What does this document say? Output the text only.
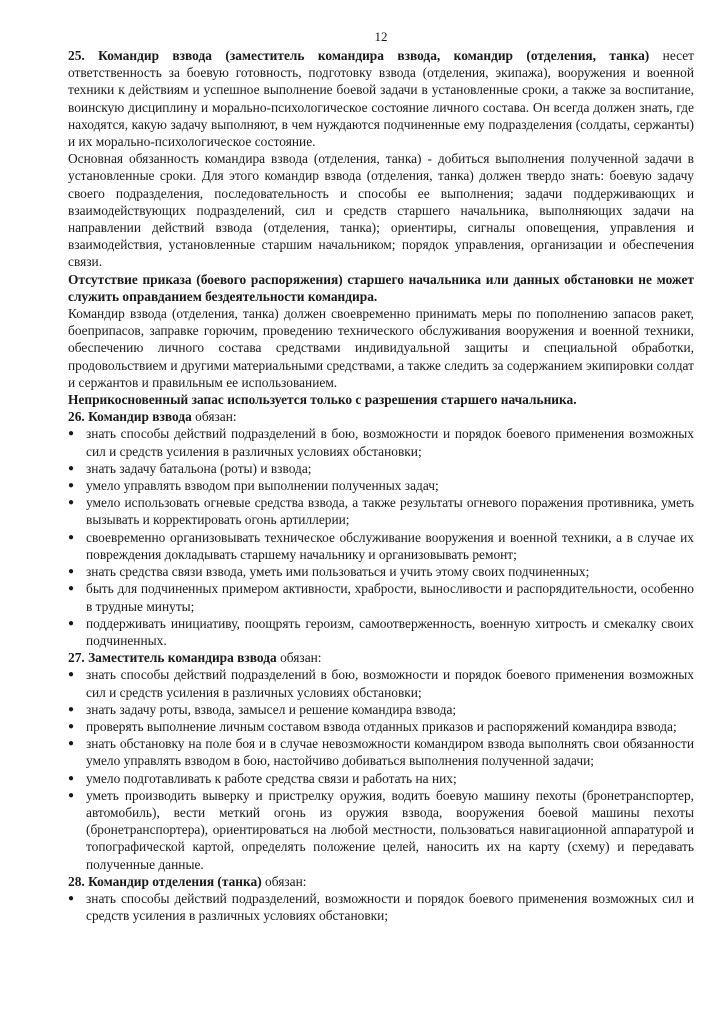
12

25. Командир взвода (заместитель командира взвода, командир (отделения, танка) несет ответственность за боевую готовность, подготовку взвода (отделения, экипажа), вооружения и военной техники к действиям и успешное выполнение боевой задачи в установленные сроки, а также за воспитание, воинскую дисциплину и морально-психологическое состояние личного состава. Он всегда должен знать, где находятся, какую задачу выполняют, в чем нуждаются подчиненные ему подразделения (солдаты, сержанты) и их морально-психологическое состояние.

Основная обязанность командира взвода (отделения, танка) - добиться выполнения полученной задачи в установленные сроки. Для этого командир взвода (отделения, танка) должен твердо знать: боевую задачу своего подразделения, последовательность и способы ее выполнения; задачи поддерживающих и взаимодействующих подразделений, сил и средств старшего начальника, выполняющих задачи на направлении действий взвода (отделения, танка); ориентиры, сигналы оповещения, управления и взаимодействия, установленные старшим начальником; порядок управления, организации и обеспечения связи.

Отсутствие приказа (боевого распоряжения) старшего начальника или данных обстановки не может служить оправданием бездеятельности командира.

Командир взвода (отделения, танка) должен своевременно принимать меры по пополнению запасов ракет, боеприпасов, заправке горючим, проведению технического обслуживания вооружения и военной техники, обеспечению личного состава средствами индивидуальной защиты и специальной обработки, продовольствием и другими материальными средствами, а также следить за содержанием экипировки солдат и сержантов и правильным ее использованием.

Неприкосновенный запас используется только с разрешения старшего начальника.

26. Командир взвода обязан:

● знать способы действий подразделений в бою, возможности и порядок боевого применения возможных сил и средств усиления в различных условиях обстановки;
● знать задачу батальона (роты) и взвода;
● умело управлять взводом при выполнении полученных задач;
● умело использовать огневые средства взвода, а также результаты огневого поражения противника, уметь вызывать и корректировать огонь артиллерии;
● своевременно организовывать техническое обслуживание вооружения и военной техники, а в случае их повреждения докладывать старшему начальнику и организовывать ремонт;
● знать средства связи взвода, уметь ими пользоваться и учить этому своих подчиненных;
● быть для подчиненных примером активности, храбрости, выносливости и распорядительности, особенно в трудные минуты;
● поддерживать инициативу, поощрять героизм, самоотверженность, военную хитрость и смекалку своих подчиненных.

27. Заместитель командира взвода обязан:

● знать способы действий подразделений в бою, возможности и порядок боевого применения возможных сил и средств усиления в различных условиях обстановки;
● знать задачу роты, взвода, замысел и решение командира взвода;
● проверять выполнение личным составом взвода отданных приказов и распоряжений командира взвода;
● знать обстановку на поле боя и в случае невозможности командиром взвода выполнять свои обязанности умело управлять взводом в бою, настойчиво добиваться выполнения полученной задачи;
● умело подготавливать к работе средства связи и работать на них;
● уметь производить выверку и пристрелку оружия, водить боевую машину пехоты (бронетранспортер, автомобиль), вести меткий огонь из оружия взвода, вооружения боевой машины пехоты (бронетранспортера), ориентироваться на любой местности, пользоваться навигационной аппаратурой и топографической картой, определять положение целей, наносить их на карту (схему) и передавать полученные данные.

28. Командир отделения (танка) обязан:

● знать способы действий подразделений, возможности и порядок боевого применения возможных сил и средств усиления в различных условиях обстановки;
